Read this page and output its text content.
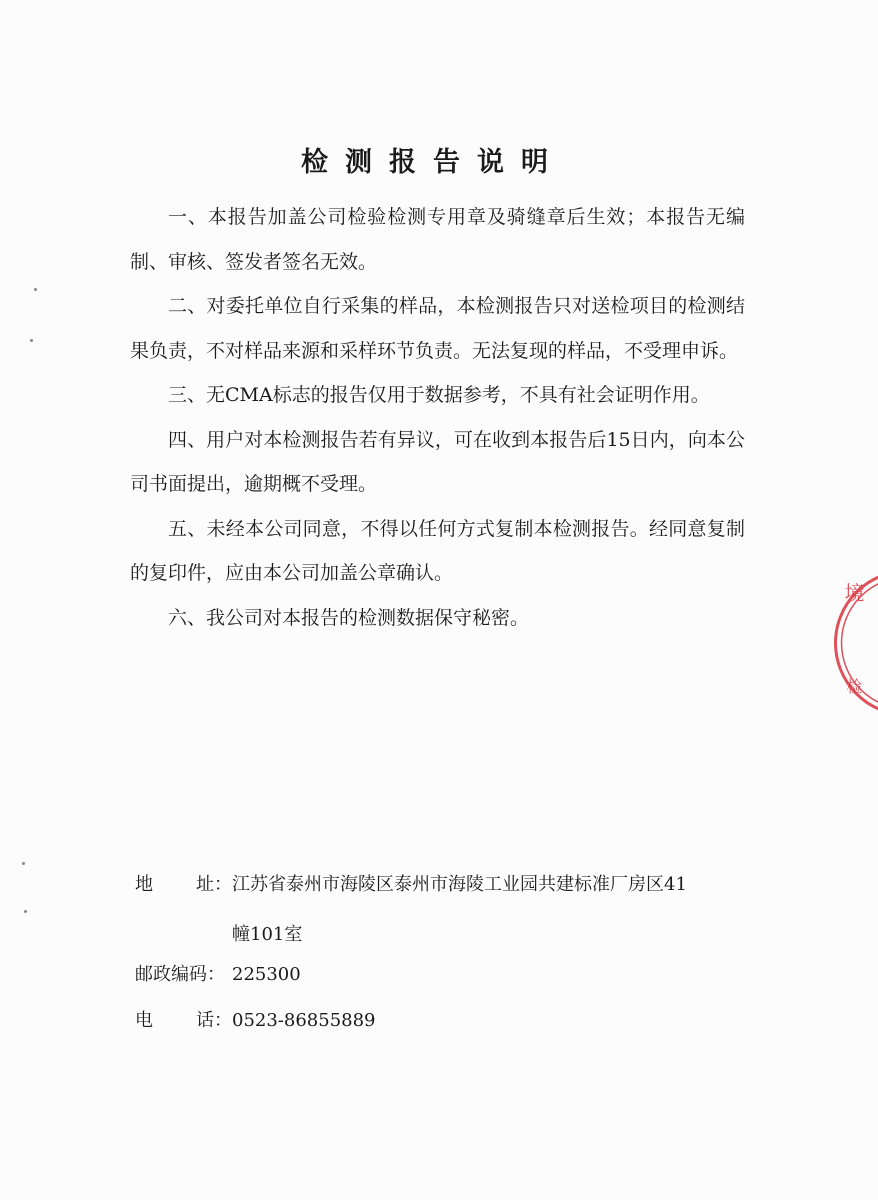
检测报告说明

一、本报告加盖公司检验检测专用章及骑缝章后生效；本报告无编制、审核、签发者签名无效。

二、对委托单位自行采集的样品，本检测报告只对送检项目的检测结果负责，不对样品来源和采样环节负责。无法复现的样品，不受理申诉。

三、无CMA标志的报告仅用于数据参考，不具有社会证明作用。

四、用户对本检测报告若有异议，可在收到本报告后15日内，向本公司书面提出，逾期概不受理。

五、未经本公司同意，不得以任何方式复制本检测报告。经同意复制的复印件，应由本公司加盖公章确认。

六、我公司对本报告的检测数据保守秘密。

地 址： 江苏省泰州市海陵区泰州市海陵工业园共建标准厂房区41
幢101室
邮政编码： 225300
电 话： 0523-86855889
境
检
